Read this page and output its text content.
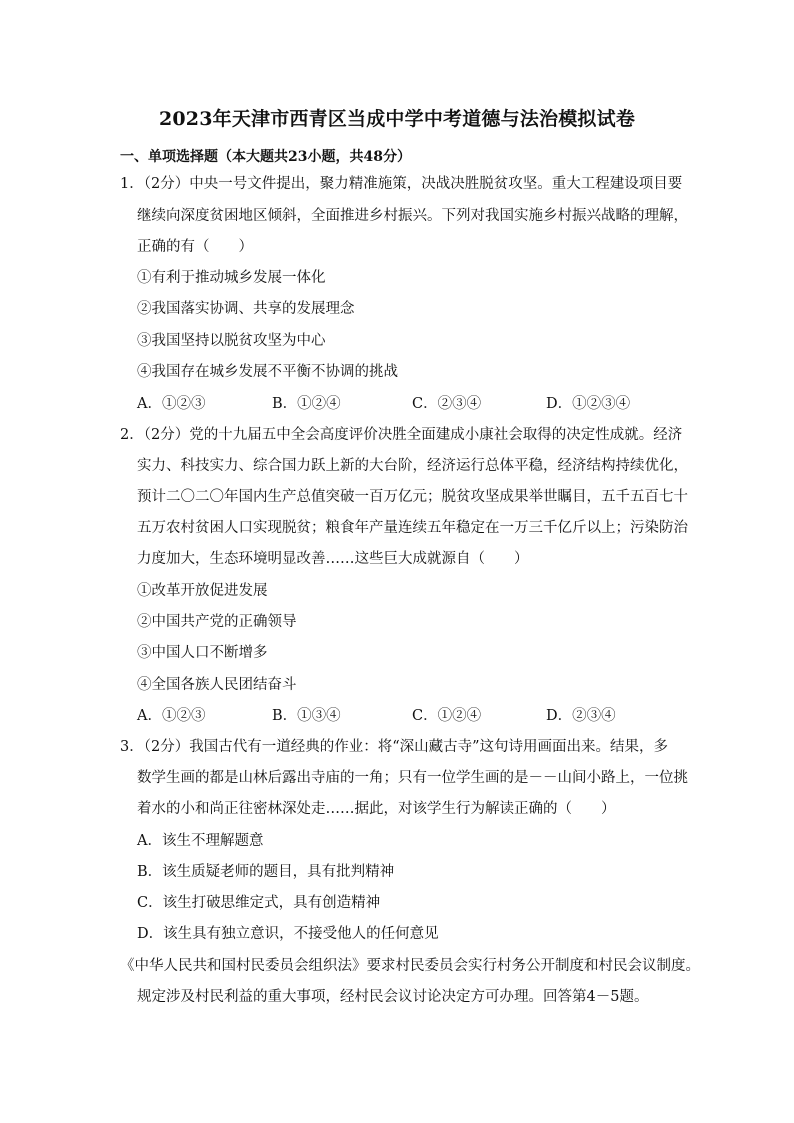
2023年天津市西青区当成中学中考道德与法治模拟试卷
一、单项选择题（本大题共23小题，共48分）
1．（2分）中央一号文件提出，聚力精准施策，决战决胜脱贫攻坚。重大工程建设项目要
继续向深度贫困地区倾斜，全面推进乡村振兴。下列对我国实施乡村振兴战略的理解，
正确的有（　　）
①有利于推动城乡发展一体化
②我国落实协调、共享的发展理念
③我国坚持以脱贫攻坚为中心
④我国存在城乡发展不平衡不协调的挑战
A．①②③	B．①②④	C．②③④	D．①②③④
2．（2分）党的十九届五中全会高度评价决胜全面建成小康社会取得的决定性成就。经济
实力、科技实力、综合国力跃上新的大台阶，经济运行总体平稳，经济结构持续优化，
预计二〇二〇年国内生产总值突破一百万亿元；脱贫攻坚成果举世瞩目，五千五百七十
五万农村贫困人口实现脱贫；粮食年产量连续五年稳定在一万三千亿斤以上；污染防治
力度加大，生态环境明显改善……这些巨大成就源自（　　）
①改革开放促进发展
②中国共产党的正确领导
③中国人口不断增多
④全国各族人民团结奋斗
A．①②③	B．①③④	C．①②④	D．②③④
3．（2分）我国古代有一道经典的作业：将“深山藏古寺”这句诗用画面出来。结果，多
数学生画的都是山林后露出寺庙的一角；只有一位学生画的是－－山间小路上，一位挑
着水的小和尚正往密林深处走……据此，对该学生行为解读正确的（　　）
A．该生不理解题意
B．该生质疑老师的题目，具有批判精神
C．该生打破思维定式，具有创造精神
D．该生具有独立意识，不接受他人的任何意见
《中华人民共和国村民委员会组织法》要求村民委员会实行村务公开制度和村民会议制度。
规定涉及村民利益的重大事项，经村民会议讨论决定方可办理。回答第4－5题。
